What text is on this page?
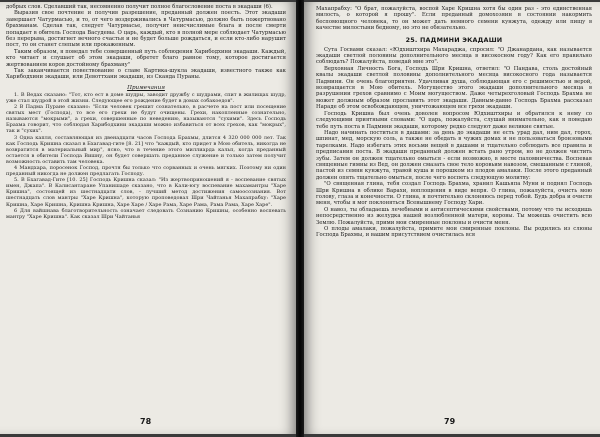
добрых слов. Сделавший так, несомненно получит полное благословение поста в экадаши (6).

Выразив свое почтение и получив разрешение, преданный должен поесть. Этот экадаши завершает Чатурмасью, и то, от чего воздерживались в Чатурмасью, должно быть пожертвовано брахманам. Сделав так, следует Чатурмасье, получит неисчислимые блага и после смерти попадает в обитель Господа Васудевы. О царь, каждый, кто в полной мере соблюдает Чатурмасью без перерыва, достигнет вечного счастья и не будет больше рождаться, и если кто-либо нарушит пост, то он станет слепым или прокаженным.

Таким образом, я поведал тебе совершенный путь соблюдения Харибодхини экадаши. Каждый, кто читает и слушает об этом экадаши, обретет благо равное тому, которое достигается жертвованием коров достойному брахману"

Так заканчивается повествование о славе Картика-шукла экадаши, известного также как Харибодхини экадаши, или Девоттхани экадаши, из Сканда Пураны.

Примечания

1. В Ведах сказано: "Тот, кто ест в доме шудры, заводит дружбу с шудрами, спит в жилищах шудр, уже стал шудрой в этой жизни. Следующее его рождение будет в домах собакоедов".

2 В Падма Пуране сказано: "Если человек грешит сознательно, в расчете на пост или посещение святых мест (Господа), то все его грехи не будут очищены. Грехи, накопленные сознательно, называются "мокрыми", а грехи, совершенные по неведению, называются "сухими". Здесь Господь Брахма говорит, что соблюдая Харибодхини экадаши можно избавиться от всех грехов, как "мокрых", так и "сухих".

3 Одна капля, составляющая из двенадцати часов Господа Брахмы, длится 4 320 000 000 лет. Так как Господь Кришна сказал в Бхагавад-гите [8. 21] что "каждый, кто придет в Мою обитель, никогда не возвратится в материальный мир", ясно, что в течение этого миллиарда кальп, когда преданный остается в обители Господа Вишну, он будет совершать преданное служение и только затем получит возможность оставить там человека.

4 Мандхара, поросенок Господ, прочтя бы только что сорванных и очень мягких. Поэтому ни один преданный никогда не должен предлагать Господу.

5. В Бхагавад-Гите [10. 25] Господь Кришна сказал: "Из жертвоприношений я - воспевание святых имен, Джапа". В Калисантаране Упанишаде сказано, что в Кали-югу воспевание махамантры "Харе Кришна", состоящей из шестнадцати слов, - лучший метод достижения самоосознания. Вот шестнадцать слов мантры "Харе Кришна", которую проповедовал Шри Чайтанья Махапрабху: "Харе Кришна, Харе Кришна, Кришна Кришна, Харе Харе / Харе Рама, Харе Рама, Рама Рама, Харе Харе".

6 Для вайшнава благотворительность означает следовать Сознанию Кришны, особенно воспевать мантру "Харе Кришна". Как сказал Шри Чайтанья

78

Махапрабху: "О брат, пожалуйста, воспой Харе Кришна хотя бы один раз - это единственная милость, о которой я прошу". Если преданный домохозяин в состоянии накормить беспомощного человека, то он может дать немного семени кунжута, одежду или пищу в качестве милостыни бедному, но это не обязательно.

25. ПАДМИНИ ЭКАДАШИ

Сута Госвами сказал: «Юдхиштхира Махараджа, спросил: "О Джанардана, как называется экадаши светлой половины дополнительного месяца в високосном году? Как его правильно соблюдать? Пожалуйста, поведай мне это".

Верховная Личность Бога, Господь Шри Кришна, ответил: "О Пандава, столь достойный квалы экадаши светлой половины дополнительного месяца високосного года называется Падмини. Он очень благоприятен. Удачливая душа, соблюдающая его с решимостью и верой, возвращается в Мою обитель. Могущество этого экадаши дополнительного месяца в разрушении грехов сравнимо с Моим могуществом. Даже четырехголовый Господь Брахма не может должным образом прославить этот экадаши. Давным-давно Господь Брахма рассказал Нараде об этом освобождающем, уничтожающем все грехи экадаши.

Господь Кришна был очень доволен вопросом Юдхиштхиры и обратился к нему со следующими приятными словами: "О царь, пожалуйста, слушай внимательно, как я поведаю тебе путь поста в Падмини экадаши, которому редко следуют даже великие святые.

Надо начинать поститься в дашами: за день до экадаши не есть урад дал, ним дал, горох, шпинат, мед, морскую соль, а также не обедать в чужих домах и не пользоваться бронзовыми тарелками. Надо избегать этих восьми вещей в дашами и тщательно соблюдать все правила и предписания поста. В экадаши преданный должен встать рано утром, но не должен чистить зубы. Затем он должен тщательно омыться - если возможно, в месте паломничества. Воспевая священные гимны из Вед, он должен смазать свое тело коровьим навозом, смешанным с глиной, пастой из семян кунжута, травой куша и порошком из плодов амалаки. После этого преданный должен опять тщательно омыться, после чего воспеть следующую молитву:

"О священная глина, тебя создал Господь Брахма, хранил Кашьяпа Муни и поднял Господь Шри Кришна в облике Варахи, воплощения в виде вепря. О глина, пожалуйста, очисть мою голову, глаза и конечности. О глина, я почтительно склоняюсь перед тобой. Будь добра и очисти меня, чтобы я мог поклоняться Всевышнему Господу Хари.

О навоз, ты обладаешь лечебными и антисептическими свойствами, потому что ты исходишь непосредственно из желудка нашей возлюбленной матери, коровы. Ты можешь очистить всю Землю. Пожалуйста, прими мои смиренные поклоны и очисти меня.

О плоды амалаки, пожалуйста, примите мои смиренные поклоны. Вы родились из слюны Господа Брахмы, и вашим присутствием очистилась вся

79
